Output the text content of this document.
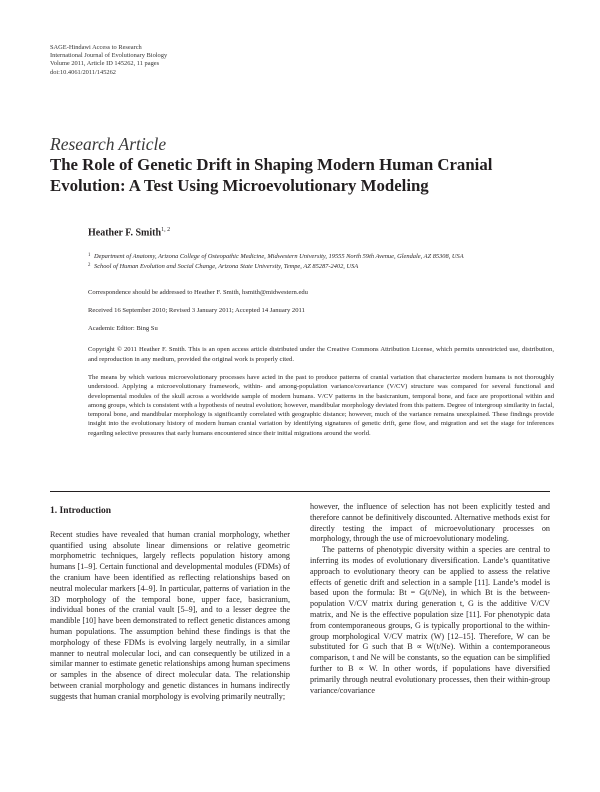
SAGE-Hindawi Access to Research
International Journal of Evolutionary Biology
Volume 2011, Article ID 145262, 11 pages
doi:10.4061/2011/145262
Research Article
The Role of Genetic Drift in Shaping Modern Human Cranial Evolution: A Test Using Microevolutionary Modeling
Heather F. Smith$^{1, 2}$
1 Department of Anatomy, Arizona College of Osteopathic Medicine, Midwestern University, 19555 North 59th Avenue, Glendale, AZ 85308, USA
2 School of Human Evolution and Social Change, Arizona State University, Tempe, AZ 85287-2402, USA
Correspondence should be addressed to Heather F. Smith, hsmith@midwestern.edu
Received 16 September 2010; Revised 3 January 2011; Accepted 14 January 2011
Academic Editor: Bing Su
Copyright © 2011 Heather F. Smith. This is an open access article distributed under the Creative Commons Attribution License, which permits unrestricted use, distribution, and reproduction in any medium, provided the original work is properly cited.
The means by which various microevolutionary processes have acted in the past to produce patterns of cranial variation that characterize modern humans is not thoroughly understood. Applying a microevolutionary framework, within- and among-population variance/covariance (V/CV) structure was compared for several functional and developmental modules of the skull across a worldwide sample of modern humans. V/CV patterns in the basicranium, temporal bone, and face are proportional within and among groups, which is consistent with a hypothesis of neutral evolution; however, mandibular morphology deviated from this pattern. Degree of intergroup similarity in facial, temporal bone, and mandibular morphology is significantly correlated with geographic distance; however, much of the variance remains unexplained. These findings provide insight into the evolutionary history of modern human cranial variation by identifying signatures of genetic drift, gene flow, and migration and set the stage for inferences regarding selective pressures that early humans encountered since their initial migrations around the world.
1. Introduction
Recent studies have revealed that human cranial morphology, whether quantified using absolute linear dimensions or relative geometric morphometric techniques, largely reflects population history among humans [1–9]. Certain functional and developmental modules (FDMs) of the cranium have been identified as reflecting relationships based on neutral molecular markers [4–9]. In particular, patterns of variation in the 3D morphology of the temporal bone, upper face, basicranium, individual bones of the cranial vault [5–9], and to a lesser degree the mandible [10] have been demonstrated to reflect genetic distances among human populations. The assumption behind these findings is that the morphology of these FDMs is evolving largely neutrally, in a similar manner to neutral molecular loci, and can consequently be utilized in a similar manner to estimate genetic relationships among human specimens or samples in the absence of direct molecular data. The relationship between cranial morphology and genetic distances in humans indirectly suggests that human cranial morphology is evolving primarily neutrally;
however, the influence of selection has not been explicitly tested and therefore cannot be definitively discounted. Alternative methods exist for directly testing the impact of microevolutionary processes on morphology, through the use of microevolutionary modeling.
The patterns of phenotypic diversity within a species are central to inferring its modes of evolutionary diversification. Lande’s quantitative approach to evolutionary theory can be applied to assess the relative effects of genetic drift and selection in a sample [11]. Lande’s model is based upon the formula: Bt = G(t/Ne), in which Bt is the between-population V/CV matrix during generation t, G is the additive V/CV matrix, and Ne is the effective population size [11]. For phenotypic data from contemporaneous groups, G is typically proportional to the within-group morphological V/CV matrix (W) [12–15]. Therefore, W can be substituted for G such that B ∝ W(t/Ne). Within a contemporaneous comparison, t and Ne will be constants, so the equation can be simplified further to B ∝ W. In other words, if populations have diversified primarily through neutral evolutionary processes, then their within-group variance/covariance
